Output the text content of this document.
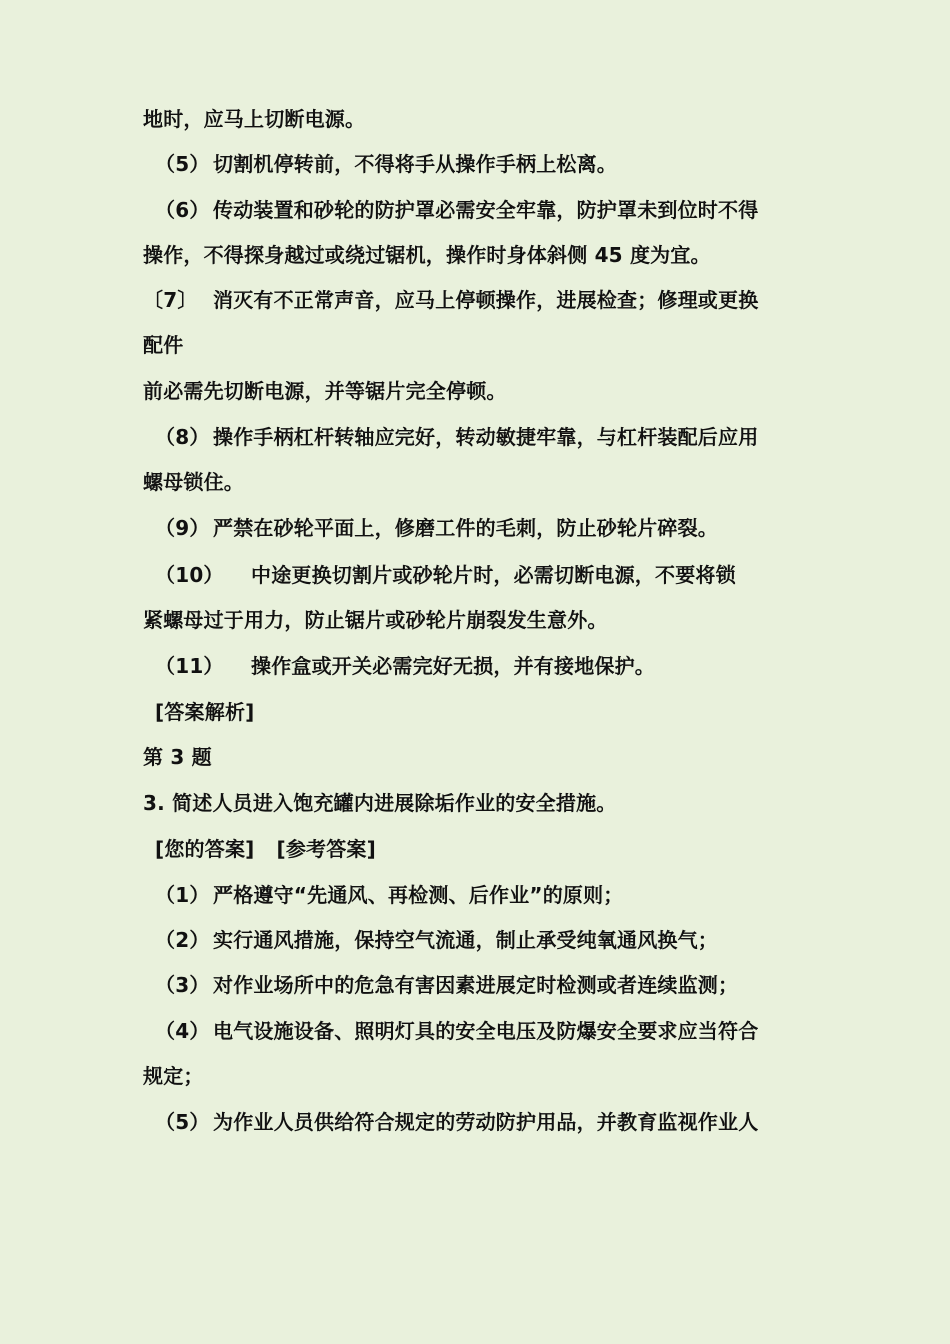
地时，应马上切断电源。
（5） 切割机停转前，不得将手从操作手柄上松离。
（6） 传动装置和砂轮的防护罩必需安全牢靠，防护罩未到位时不得
操作，不得探身越过或绕过锯机，操作时身体斜侧 45 度为宜。
〔7〕 消灭有不正常声音，应马上停顿操作，进展检查；修理或更换
配件
前必需先切断电源，并等锯片完全停顿。
（8） 操作手柄杠杆转轴应完好，转动敏捷牢靠，与杠杆装配后应用
螺母锁住。
（9） 严禁在砂轮平面上，修磨工件的毛刺，防止砂轮片碎裂。
（10） 中途更换切割片或砂轮片时，必需切断电源，不要将锁
紧螺母过于用力，防止锯片或砂轮片崩裂发生意外。
（11） 操作盒或开关必需完好无损，并有接地保护。
[答案解析]
第 3 题
3. 简述人员进入饱充罐内进展除垢作业的安全措施。
[您的答案] [参考答案]
（1） 严格遵守“先通风、再检测、后作业”的原则；
（2） 实行通风措施，保持空气流通，制止承受纯氧通风换气；
（3） 对作业场所中的危急有害因素进展定时检测或者连续监测；
（4） 电气设施设备、照明灯具的安全电压及防爆安全要求应当符合
规定；
（5） 为作业人员供给符合规定的劳动防护用品，并教育监视作业人
